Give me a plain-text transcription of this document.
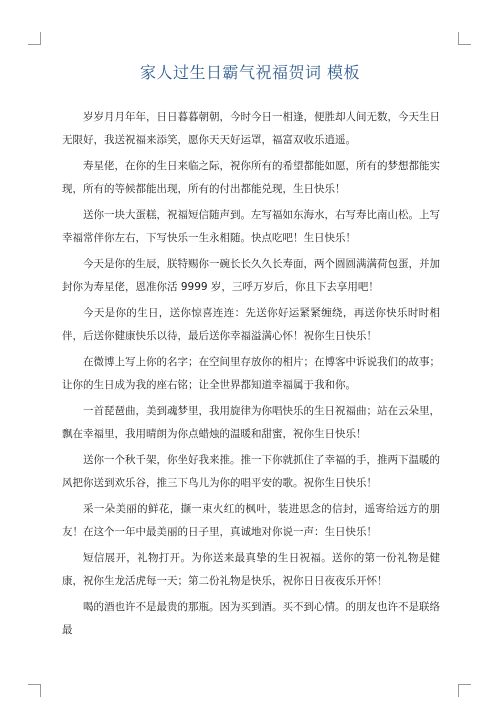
家人过生日霸气祝福贺词 模板

岁岁月月年年，日日暮暮朝朝，今时今日一相逢，便胜却人间无数，今天生日无限好，我送祝福来添笑，愿你天天好运罩，福富双收乐逍遥。

寿星佬，在你的生日来临之际，祝你所有的希望都能如愿，所有的梦想都能实现，所有的等候都能出现，所有的付出都能兑现，生日快乐！

送你一块大蛋糕，祝福短信随声到。左写福如东海水，右写寿比南山松。上写幸福常伴你左右，下写快乐一生永相随。快点吃吧！生日快乐！

今天是你的生辰，朕特赐你一碗长长久久长寿面，两个圆圆满满荷包蛋，并加封你为寿星佬，恩准你活 9999 岁，三呼万岁后，你且下去享用吧！

今天是你的生日，送你惊喜连连：先送你好运紧紧缠绕，再送你快乐时时相伴，后送你健康快乐以待，最后送你幸福溢满心怀！祝你生日快乐！

在微博上写上你的名字；在空间里存放你的相片；在博客中诉说我们的故事；让你的生日成为我的座右铭；让全世界都知道幸福属于我和你。

一首琵琶曲，美到魂梦里，我用旋律为你唱快乐的生日祝福曲；站在云朵里，飘在幸福里，我用晴朗为你点蜡烛的温暖和甜蜜，祝你生日快乐！

送你一个秋千架，你坐好我来推。推一下你就抓住了幸福的手，推两下温暖的风把你送到欢乐谷，推三下鸟儿为你的唱平安的歌。祝你生日快乐！

采一朵美丽的鲜花，撷一束火红的枫叶，装进思念的信封，遥寄给远方的朋友！在这个一年中最美丽的日子里，真诚地对你说一声：生日快乐！

短信展开，礼物打开。为你送来最真挚的生日祝福。送你的第一份礼物是健康，祝你生龙活虎每一天；第二份礼物是快乐，祝你日日夜夜乐开怀！

喝的酒也许不是最贵的那瓶。因为买到酒。买不到心情。的朋友也许不是联络最
